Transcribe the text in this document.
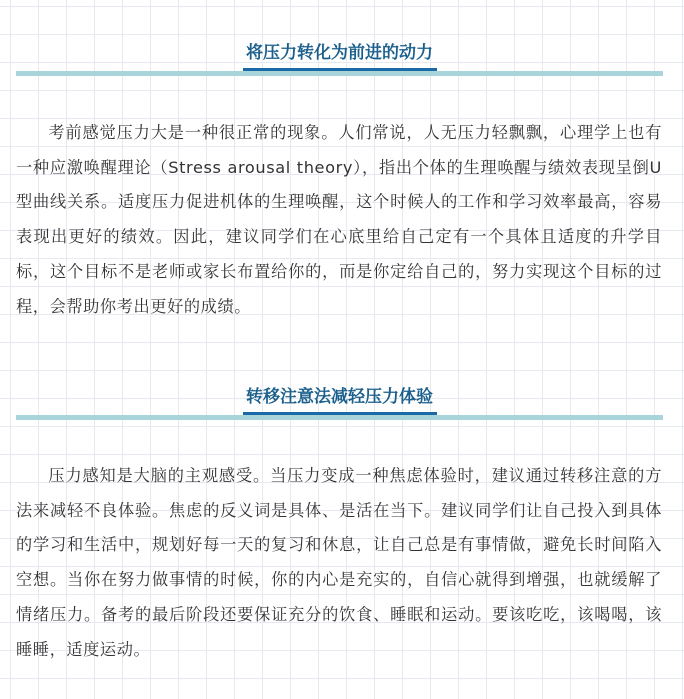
将压力转化为前进的动力

考前感觉压力大是一种很正常的现象。人们常说，人无压力轻飘飘，心理学上也有一种应激唤醒理论（Stress arousal theory），指出个体的生理唤醒与绩效表现呈倒U型曲线关系。适度压力促进机体的生理唤醒，这个时候人的工作和学习效率最高，容易表现出更好的绩效。因此，建议同学们在心底里给自己定有一个具体且适度的升学目标，这个目标不是老师或家长布置给你的，而是你定给自己的，努力实现这个目标的过程，会帮助你考出更好的成绩。

转移注意法减轻压力体验

压力感知是大脑的主观感受。当压力变成一种焦虑体验时，建议通过转移注意的方法来减轻不良体验。焦虑的反义词是具体、是活在当下。建议同学们让自己投入到具体的学习和生活中，规划好每一天的复习和休息，让自己总是有事情做，避免长时间陷入空想。当你在努力做事情的时候，你的内心是充实的，自信心就得到增强，也就缓解了情绪压力。备考的最后阶段还要保证充分的饮食、睡眠和运动。要该吃吃，该喝喝，该睡睡，适度运动。
